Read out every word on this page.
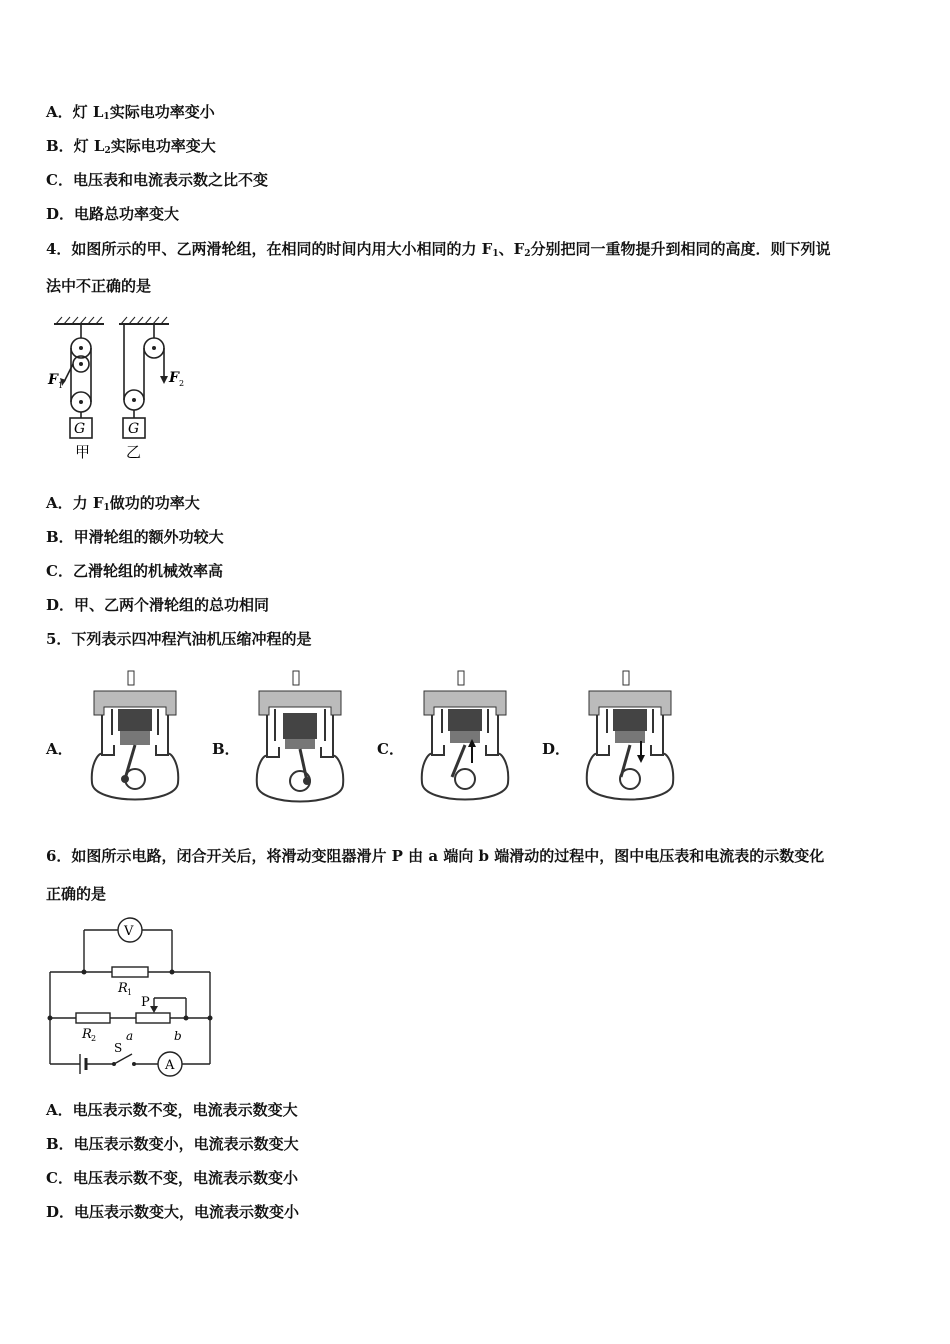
A．灯 $L_1$实际电功率变小
B．灯 $L_2$实际电功率变大
C．电压表和电流表示数之比不变
D．电路总功率变大
4．如图所示的甲、乙两滑轮组，在相同的时间内用大小相同的力 $F_1$、$F_2$分别把同一重物提升到相同的高度．则下列说
法中不正确的是
F 1
G
甲
F 2
G
乙
A．力 $F_1$做功的功率大
B．甲滑轮组的额外功较大
C．乙滑轮组的机械效率高
D．甲、乙两个滑轮组的总功相同
5．下列表示四冲程汽油机压缩冲程的是
A．	B．	C．	D．
6．如图所示电路，闭合开关后，将滑动变阻器滑片 P 由 a 端向 b 端滑动的过程中，图中电压表和电流表的示数变化
正确的是
V
A
R 1
R 2
P
a	b
S
A．电压表示数不变，电流表示数变大
B．电压表示数变小，电流表示数变大
C．电压表示数不变，电流表示数变小
D．电压表示数变大，电流表示数变小
